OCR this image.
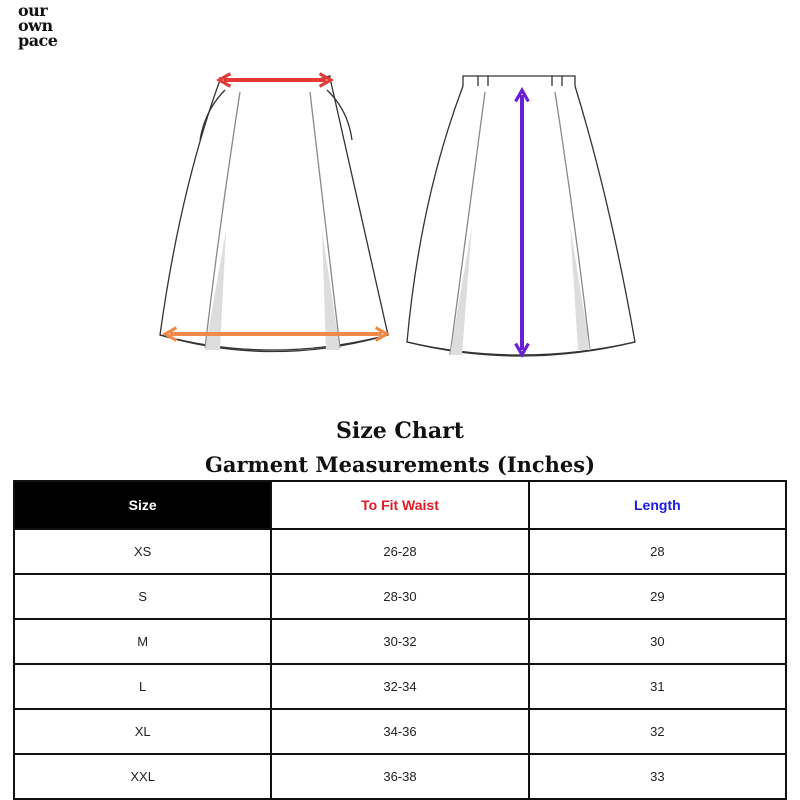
our
own
pace
Size Chart
Garment Measurements (Inches)
Size	To Fit Waist	Length
XS	26-28	28
S	28-30	29
M	30-32	30
L	32-34	31
XL	34-36	32
XXL	36-38	33
